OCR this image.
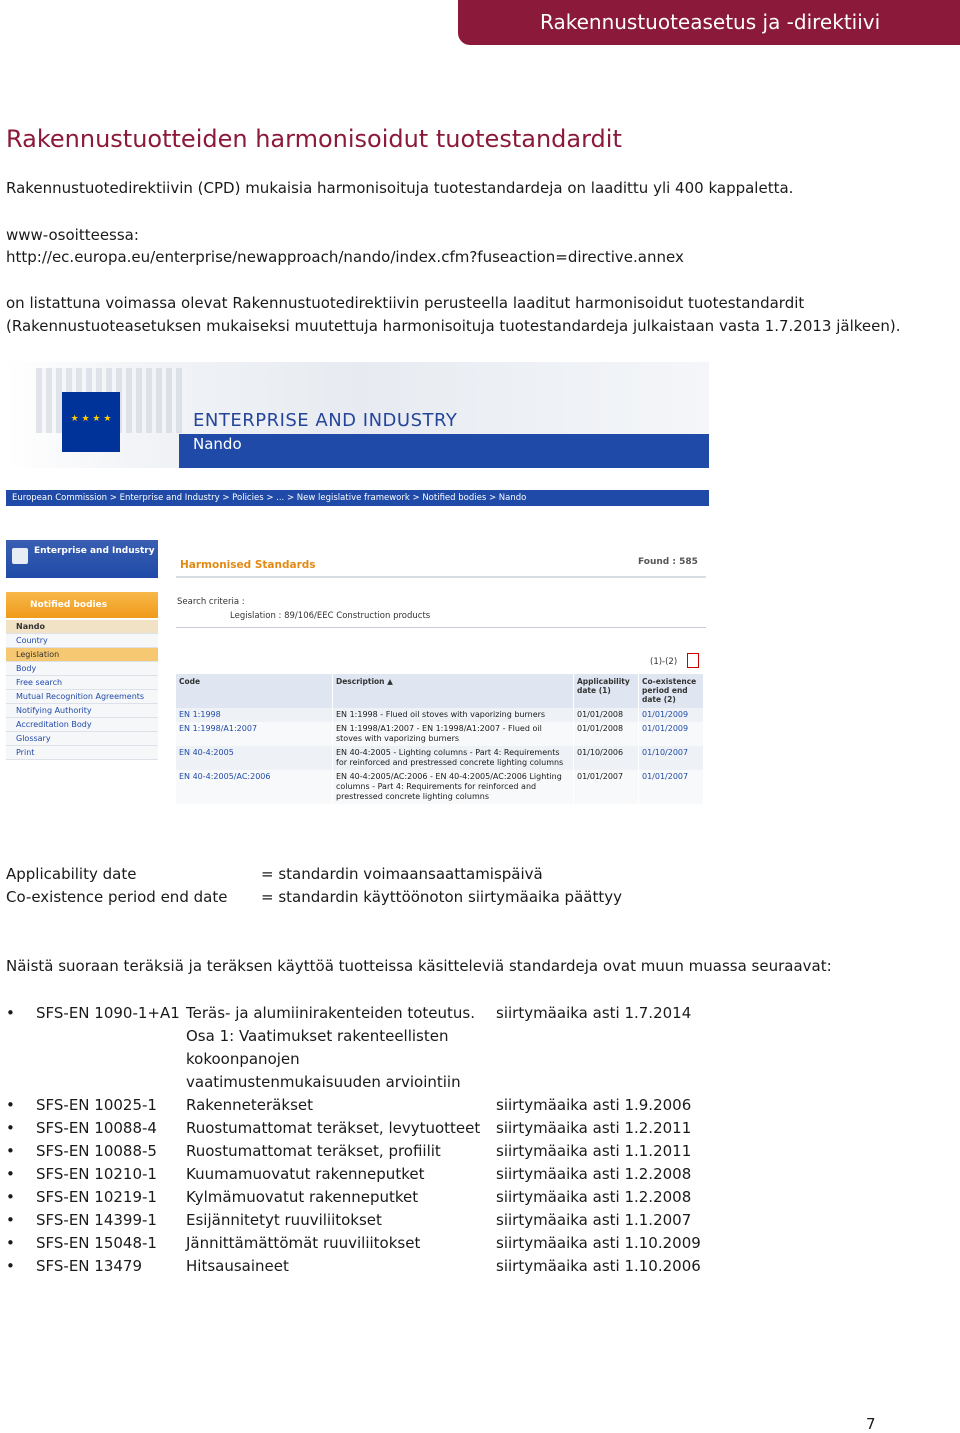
Rakennustuoteasetus ja -direktiivi
Rakennustuotteiden harmonisoidut tuotestandardit

Rakennustuotedirektiivin (CPD) mukaisia harmonisoituja tuotestandardeja on laadittu yli 400 kappaletta.

www-osoitteessa:

http://ec.europa.eu/enterprise/newapproach/nando/index.cfm?fuseaction=directive.annex

on listattuna voimassa olevat Rakennustuotedirektiivin perusteella laaditut harmonisoidut tuotestandardit (Rakennustuoteasetuksen mukaiseksi muutettuja harmonisoituja tuotestandardeja julkaistaan vasta 1.7.2013 jälkeen).

★ ★ ★ ★
European
Commission
ENTERPRISE AND INDUSTRY
Nando
European Commission > Enterprise and Industry > Policies > ... > New legislative framework > Notified bodies > Nando
Enterprise and Industry
Notified bodies
Nando
Country
Legislation
Body
Free search
Mutual Recognition Agreements
Notifying Authority
Accreditation Body
Glossary
Print
Harmonised Standards	Found : 585
Search criteria :
Legislation : 89/106/EEC Construction products
(1)-(2)
Code	Description ▲	Applicability date (1)	Co-existence period end date (2)
EN 1:1998	EN 1:1998 - Flued oil stoves with vaporizing burners	01/01/2008	01/01/2009
EN 1:1998/A1:2007	EN 1:1998/A1:2007 - EN 1:1998/A1:2007 - Flued oil stoves with vaporizing burners	01/01/2008	01/01/2009
EN 40-4:2005	EN 40-4:2005 - Lighting columns - Part 4: Requirements for reinforced and prestressed concrete lighting columns	01/10/2006	01/10/2007
EN 40-4:2005/AC:2006	EN 40-4:2005/AC:2006 - EN 40-4:2005/AC:2006 Lighting columns - Part 4: Requirements for reinforced and prestressed concrete lighting columns	01/01/2007	01/01/2007

Applicability date	= standardin voimaansaattamispäivä

Co-existence period end date = standardin käyttöönoton siirtymäaika päättyy

Näistä suoraan teräksiä ja teräksen käyttöä tuotteissa käsitteleviä standardeja ovat muun muassa seuraavat:

•	SFS-EN 1090-1+A1 Teräs- ja alumiinirakenteiden toteutus. Osa 1: Vaatimukset rakenteellisten kokoonpanojen vaatimustenmukaisuuden arviointiin
siirtymäaika asti 1.7.2014
•	SFS-EN 10025-1 Rakenneteräkset	siirtymäaika asti 1.9.2006
•	SFS-EN 10088-4 Ruostumattomat teräkset, levytuotteet	siirtymäaika asti 1.2.2011
•	SFS-EN 10088-5 Ruostumattomat teräkset, profiilit	siirtymäaika asti 1.1.2011
•	SFS-EN 10210-1 Kuumamuovatut rakenneputket	siirtymäaika asti 1.2.2008
•	SFS-EN 10219-1 Kylmämuovatut rakenneputket	siirtymäaika asti 1.2.2008
•	SFS-EN 14399-1 Esijännitetyt ruuviliitokset	siirtymäaika asti 1.1.2007
•	SFS-EN 15048-1 Jännittämättömät ruuviliitokset	siirtymäaika asti 1.10.2009
•	SFS-EN 13479	Hitsausaineet	siirtymäaika asti 1.10.2006

7
